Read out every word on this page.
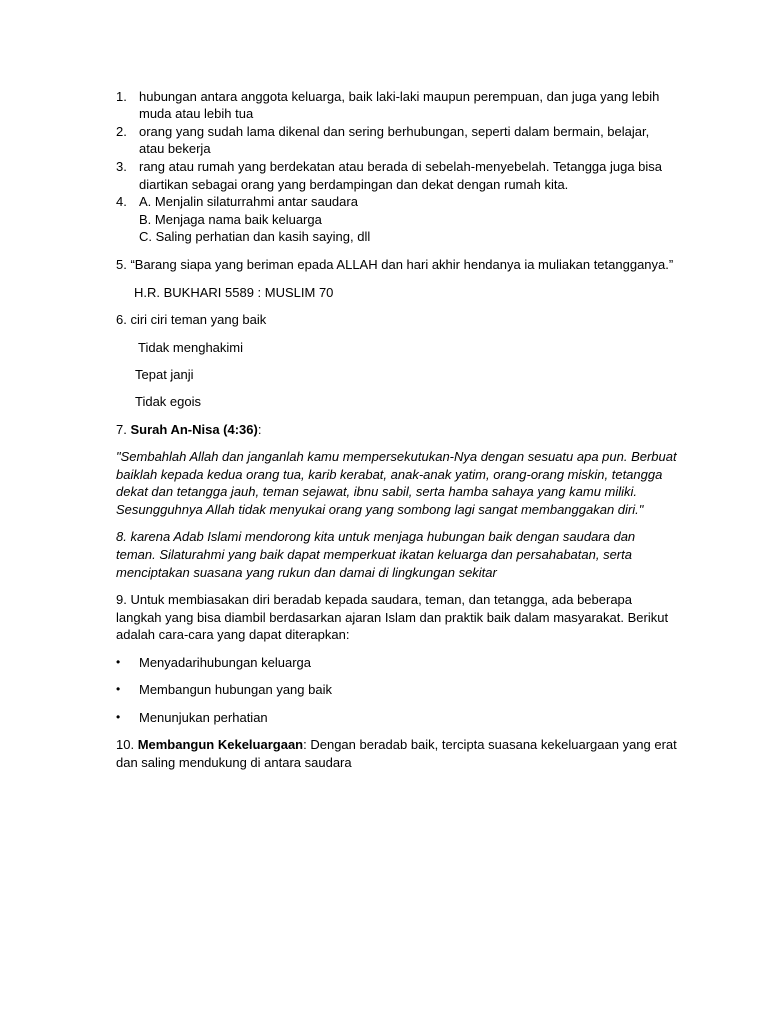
1. hubungan antara anggota keluarga, baik laki-laki maupun perempuan, dan juga yang lebih
muda atau lebih tua
2. orang yang sudah lama dikenal dan sering berhubungan, seperti dalam bermain, belajar,
atau bekerja
3. rang atau rumah yang berdekatan atau berada di sebelah-menyebelah. Tetangga juga bisa
diartikan sebagai orang yang berdampingan dan dekat dengan rumah kita.
4. A. Menjalin silaturrahmi antar saudara
B. Menjaga nama baik keluarga
C. Saling perhatian dan kasih saying, dll
5. “Barang siapa yang beriman epada ALLAH dan hari akhir hendanya ia muliakan tetangganya.”
H.R. BUKHARI 5589 : MUSLIM 70
6. ciri ciri teman yang baik
Tidak menghakimi
Tepat janji
Tidak egois
7. Surah An-Nisa (4:36):
"Sembahlah Allah dan janganlah kamu mempersekutukan-Nya dengan sesuatu apa pun. Berbuat
baiklah kepada kedua orang tua, karib kerabat, anak-anak yatim, orang-orang miskin, tetangga
dekat dan tetangga jauh, teman sejawat, ibnu sabil, serta hamba sahaya yang kamu miliki.
Sesungguhnya Allah tidak menyukai orang yang sombong lagi sangat membanggakan diri."
8. karena Adab Islami mendorong kita untuk menjaga hubungan baik dengan saudara dan
teman. Silaturahmi yang baik dapat memperkuat ikatan keluarga dan persahabatan, serta
menciptakan suasana yang rukun dan damai di lingkungan sekitar
9. Untuk membiasakan diri beradab kepada saudara, teman, dan tetangga, ada beberapa
langkah yang bisa diambil berdasarkan ajaran Islam dan praktik baik dalam masyarakat. Berikut
adalah cara-cara yang dapat diterapkan:
• Menyadarihubungan keluarga
• Membangun hubungan yang baik
• Menunjukan perhatian
10. Membangun Kekeluargaan: Dengan beradab baik, tercipta suasana kekeluargaan yang erat
dan saling mendukung di antara saudara
